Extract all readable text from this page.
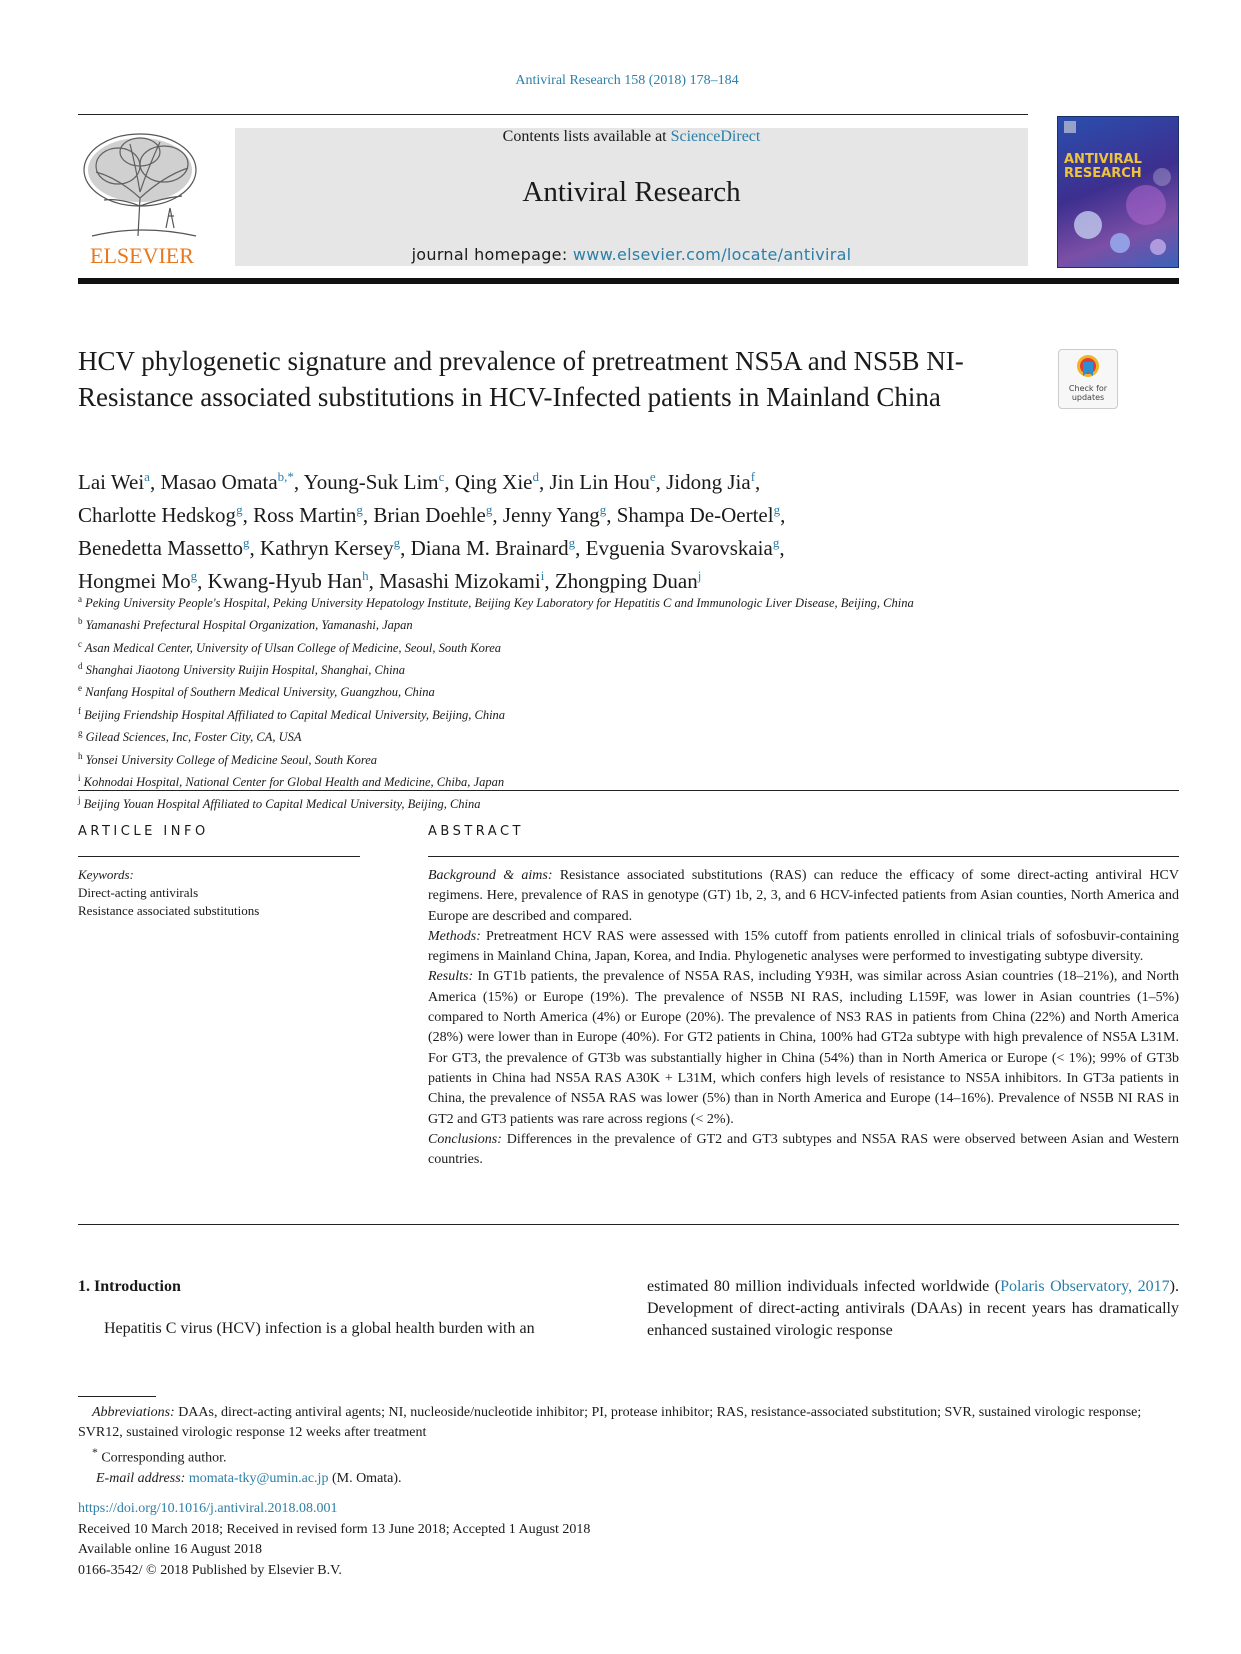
Antiviral Research 158 (2018) 178–184
ELSEVIER
Contents lists available at ScienceDirect
Antiviral Research
journal homepage: www.elsevier.com/locate/antiviral
ANTIVIRAL RESEARCH
HCV phylogenetic signature and prevalence of pretreatment NS5A and NS5B NI-Resistance associated substitutions in HCV-Infected patients in Mainland China	Check for
updates
Lai Wei$^a$, Masao Omata$^{b,*}$, Young-Suk Lim$^c$, Qing Xie$^d$, Jin Lin Hou$^e$, Jidong Jia$^f$,
Charlotte Hedskog$^g$, Ross Martin$^g$, Brian Doehle$^g$, Jenny Yang$^g$, Shampa De-Oertel$^g$,
Benedetta Massetto$^g$, Kathryn Kersey$^g$, Diana M. Brainard$^g$, Evguenia Svarovskaia$^g$,
Hongmei Mo$^g$, Kwang-Hyub Han$^h$, Masashi Mizokami$^i$, Zhongping Duan$^j$
$^a$ Peking University People's Hospital, Peking University Hepatology Institute, Beijing Key Laboratory for Hepatitis C and Immunologic Liver Disease, Beijing, China
$^b$ Yamanashi Prefectural Hospital Organization, Yamanashi, Japan
$^c$ Asan Medical Center, University of Ulsan College of Medicine, Seoul, South Korea
$^d$ Shanghai Jiaotong University Ruijin Hospital, Shanghai, China
$^e$ Nanfang Hospital of Southern Medical University, Guangzhou, China
$^f$ Beijing Friendship Hospital Affiliated to Capital Medical University, Beijing, China
$^g$ Gilead Sciences, Inc, Foster City, CA, USA
$^h$ Yonsei University College of Medicine Seoul, South Korea
$^i$ Kohnodai Hospital, National Center for Global Health and Medicine, Chiba, Japan
$^j$ Beijing Youan Hospital Affiliated to Capital Medical University, Beijing, China
ARTICLE INFO	ABSTRACT
Keywords:
Direct-acting antivirals
Resistance associated substitutions
Background & aims: Resistance associated substitutions (RAS) can reduce the efficacy of some direct-acting antiviral HCV regimens. Here, prevalence of RAS in genotype (GT) 1b, 2, 3, and 6 HCV-infected patients from Asian counties, North America and Europe are described and compared.
Methods: Pretreatment HCV RAS were assessed with 15% cutoff from patients enrolled in clinical trials of sofosbuvir-containing regimens in Mainland China, Japan, Korea, and India. Phylogenetic analyses were performed to investigating subtype diversity.
Results: In GT1b patients, the prevalence of NS5A RAS, including Y93H, was similar across Asian countries (18–21%), and North America (15%) or Europe (19%). The prevalence of NS5B NI RAS, including L159F, was lower in Asian countries (1–5%) compared to North America (4%) or Europe (20%). The prevalence of NS3 RAS in patients from China (22%) and North America (28%) were lower than in Europe (40%). For GT2 patients in China, 100% had GT2a subtype with high prevalence of NS5A L31M. For GT3, the prevalence of GT3b was substantially higher in China (54%) than in North America or Europe (< 1%); 99% of GT3b patients in China had NS5A RAS A30K + L31M, which confers high levels of resistance to NS5A inhibitors. In GT3a patients in China, the prevalence of NS5A RAS was lower (5%) than in North America and Europe (14–16%). Prevalence of NS5B NI RAS in GT2 and GT3 patients was rare across regions (< 2%).
Conclusions: Differences in the prevalence of GT2 and GT3 subtypes and NS5A RAS were observed between Asian and Western countries.
1. Introduction
Hepatitis C virus (HCV) infection is a global health burden with an
estimated 80 million individuals infected worldwide (Polaris Observatory, 2017). Development of direct-acting antivirals (DAAs) in recent years has dramatically enhanced sustained virologic response
Abbreviations: DAAs, direct-acting antiviral agents; NI, nucleoside/nucleotide inhibitor; PI, protease inhibitor; RAS, resistance-associated substitution; SVR, sustained virologic response; SVR12, sustained virologic response 12 weeks after treatment
* Corresponding author.
E-mail address: momata-tky@umin.ac.jp (M. Omata).
https://doi.org/10.1016/j.antiviral.2018.08.001
Received 10 March 2018; Received in revised form 13 June 2018; Accepted 1 August 2018
Available online 16 August 2018
0166-3542/ © 2018 Published by Elsevier B.V.
